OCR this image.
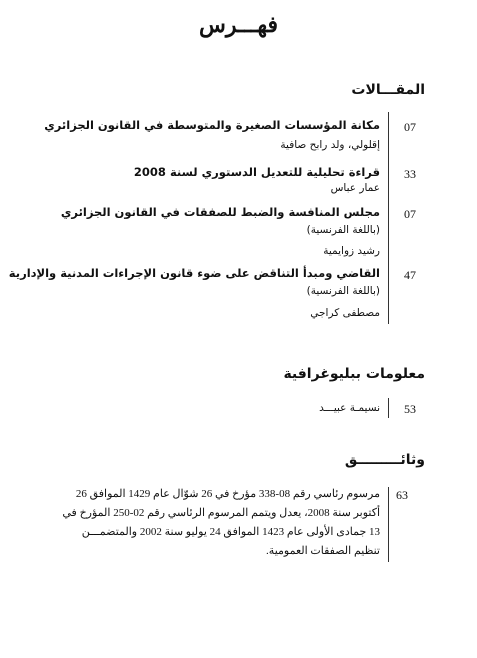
فهـــرس
المقـــالات
07
مكانة المؤسسات الصغيرة والمتوسطة في القانون الجزائري
إقلولي، ولد رابح صافية
33
قراءة تحليلية للتعديل الدستوري لسنة 2008
عمار عباس
07
مجلس المنافسة والضبط للصفقات في القانون الجزائري
(باللغة الفرنسية)
رشيد زوايمية
47
القاضي ومبدأ التناقض على ضوء قانون الإجراءات المدنية والإدارية
(باللغة الفرنسية)
مصطفى كراجي
معلومات ببليوغرافية
53
نسيمـة عبيـــد
وثائـــــــــق
63
مرسوم رئاسي رقم 08-338 مؤرخ في 26 شوّال عام 1429 الموافق 26
أكتوبر سنة 2008، يعدل ويتمم المرسوم الرئاسي رقم 02-250 المؤرخ في
13 جمادى الأولى عام 1423 الموافق 24 يوليو سنة 2002 والمتضمـــن
تنظيم الصفقات العمومية.
